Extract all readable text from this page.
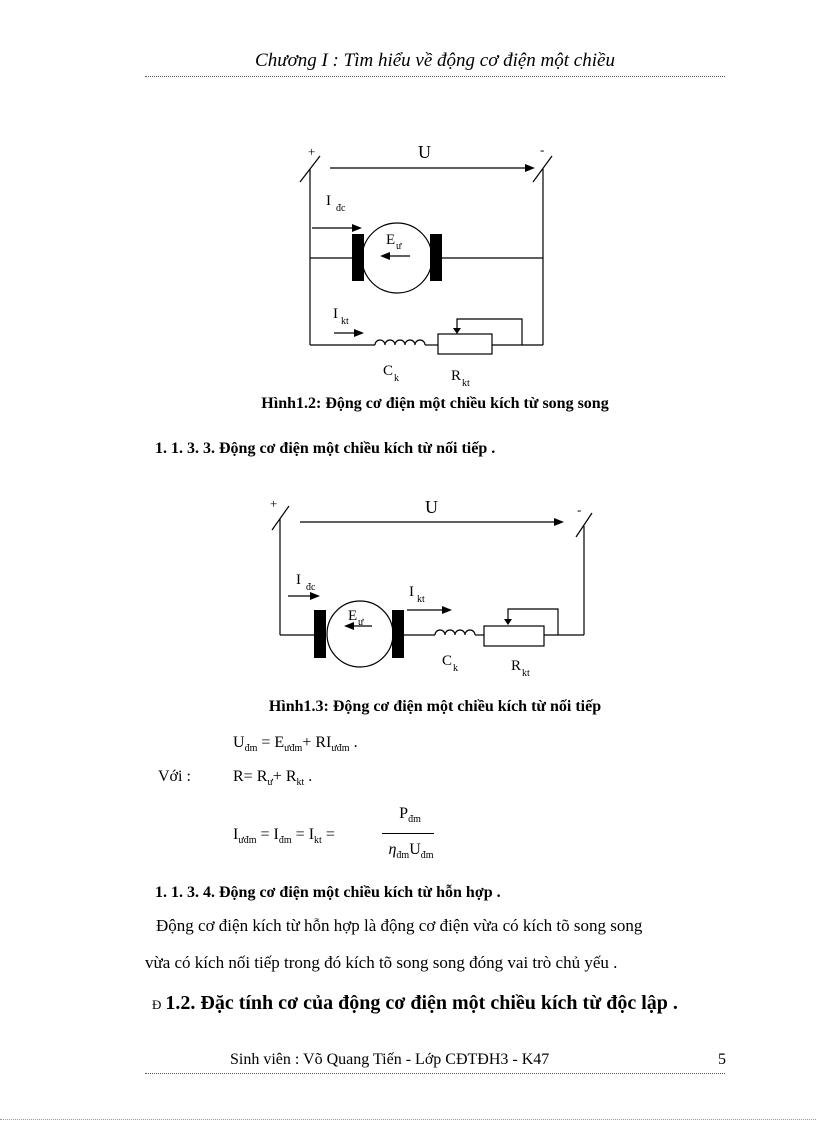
Chương I : Tìm hiểu về động cơ điện một chiều
+	-
U
I đc
E ư
I kt
C k	R kt
Hình1.2: Động cơ điện một chiều kích từ song song
1. 1. 3. 3. Động cơ điện một chiều kích từ nối tiếp .
+	-
U
I đc
E ư
I kt
C k	R kt
Hình1.3: Động cơ điện một chiều kích từ nối tiếp
$U_{đm} = E_{ưđm}+ RI_{ưđm}$ .
Với :	$R= R_ư+ R_{kt}$ .
$I_{ưđm} = I_{đm} = I_{kt}$ =
$P_{đm}$
$\eta_{đm}U_{đm}$
1. 1. 3. 4. Động cơ điện một chiều kích từ hỗn hợp .
Động cơ điện kích từ hỗn hợp là động cơ điện vừa có kích tõ song song
vừa có kích nối tiếp trong đó kích tõ song song đóng vai trò chủ yếu .
Đ 1.2. Đặc tính cơ của động cơ điện một chiều kích từ độc lập .
Sinh viên : Võ Quang Tiến - Lớp CĐTĐH3 - K47	5
